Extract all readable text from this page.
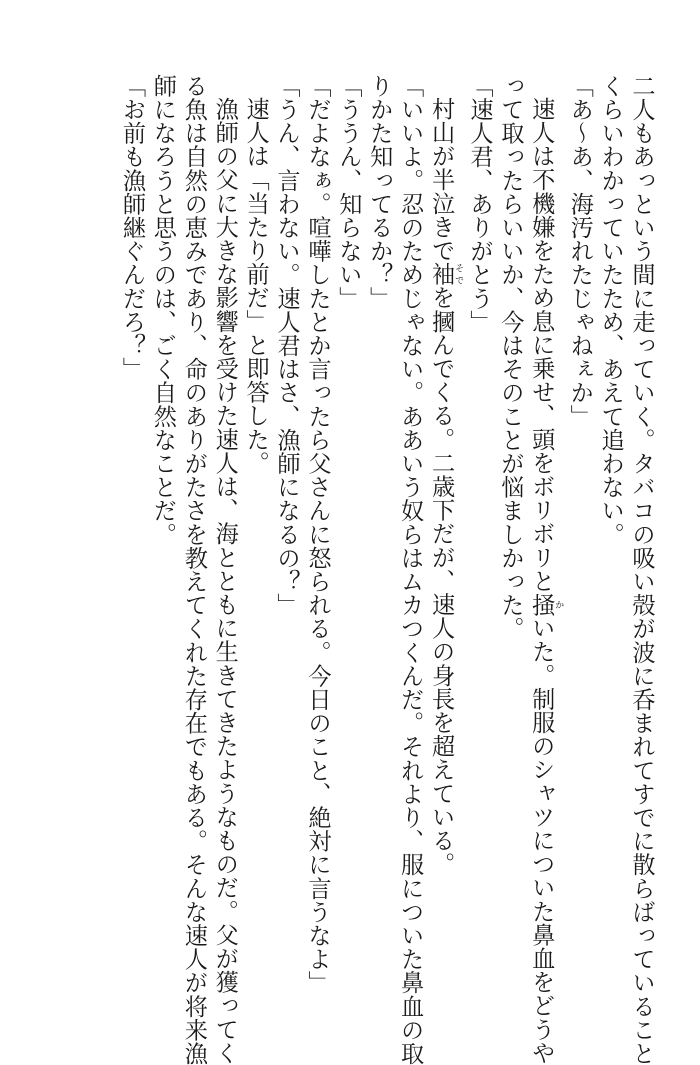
二人もあっという間に走っていく。タバコの吸い殻が波に呑まれてすでに散らばっていること

くらいわかっていたため、あえて追わない。

「あ～あ、海汚れたじゃねぇか」

速人は不機嫌をため息に乗せ、頭をボリボリと掻かいた。制服のシャツについた鼻血をどうや

って取ったらいいか、今はそのことが悩ましかった。

「速人君、ありがとう」

村山が半泣きで袖そでを摑んでくる。二歳下だが、速人の身長を超えている。

「いいよ。忍のためじゃない。ああいう奴らはムカつくんだ。それより、服についた鼻血の取

りかた知ってるか？」

「ううん、知らない」

「だよなぁ。喧嘩したとか言ったら父さんに怒られる。今日のこと、絶対に言うなよ」

「うん、言わない。速人君はさ、漁師になるの？」

速人は「当たり前だ」と即答した。

漁師の父に大きな影響を受けた速人は、海とともに生きてきたようなものだ。父が獲ってく

る魚は自然の恵みであり、命のありがたさを教えてくれた存在でもある。そんな速人が将来漁

師になろうと思うのは、ごく自然なことだ。

「お前も漁師継ぐんだろ？」
